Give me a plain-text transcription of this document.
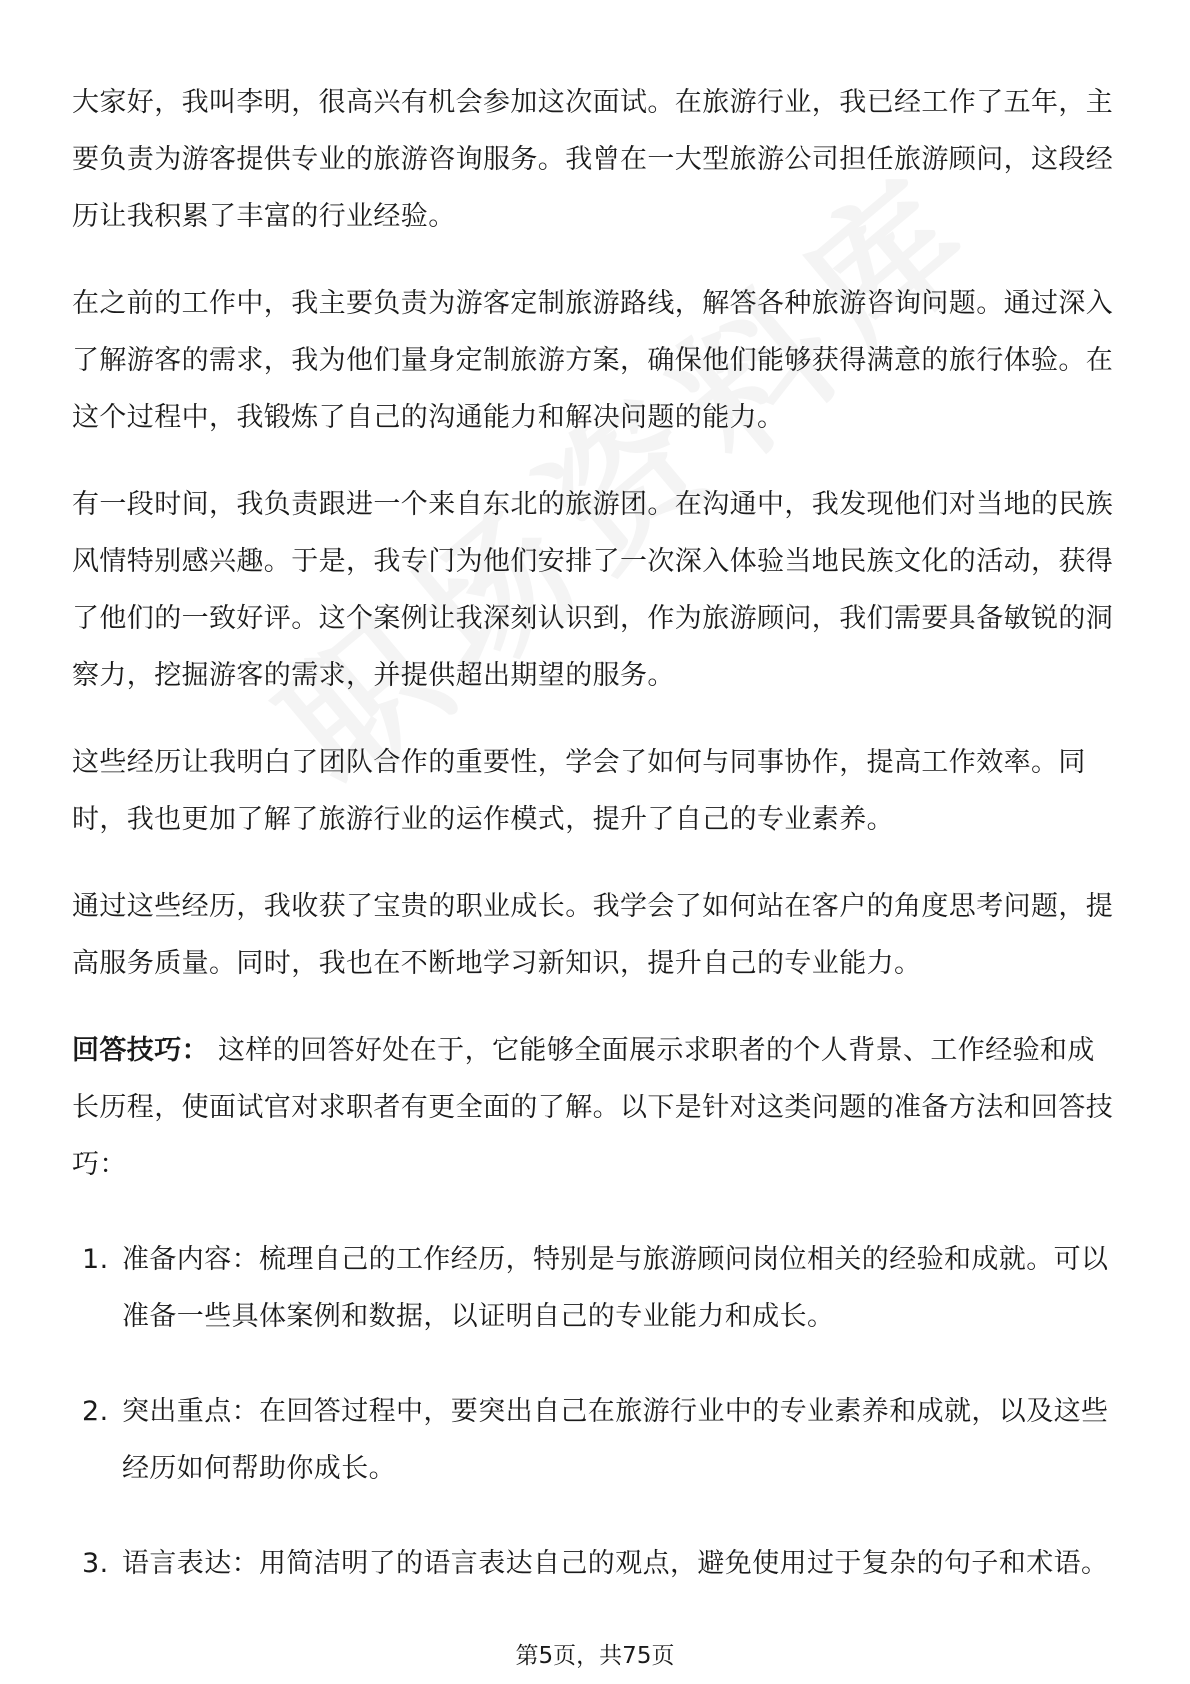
大家好，我叫李明，很高兴有机会参加这次面试。在旅游行业，我已经工作了五年，主要负责为游客提供专业的旅游咨询服务。我曾在一大型旅游公司担任旅游顾问，这段经历让我积累了丰富的行业经验。

在之前的工作中，我主要负责为游客定制旅游路线，解答各种旅游咨询问题。通过深入了解游客的需求，我为他们量身定制旅游方案，确保他们能够获得满意的旅行体验。在这个过程中，我锻炼了自己的沟通能力和解决问题的能力。

有一段时间，我负责跟进一个来自东北的旅游团。在沟通中，我发现他们对当地的民族风情特别感兴趣。于是，我专门为他们安排了一次深入体验当地民族文化的活动，获得了他们的一致好评。这个案例让我深刻认识到，作为旅游顾问，我们需要具备敏锐的洞察力，挖掘游客的需求，并提供超出期望的服务。

这些经历让我明白了团队合作的重要性，学会了如何与同事协作，提高工作效率。同时，我也更加了解了旅游行业的运作模式，提升了自己的专业素养。

通过这些经历，我收获了宝贵的职业成长。我学会了如何站在客户的角度思考问题，提高服务质量。同时，我也在不断地学习新知识，提升自己的专业能力。

回答技巧： 这样的回答好处在于，它能够全面展示求职者的个人背景、工作经验和成长历程，使面试官对求职者有更全面的了解。以下是针对这类问题的准备方法和回答技巧：

1. 准备内容：梳理自己的工作经历，特别是与旅游顾问岗位相关的经验和成就。可以准备一些具体案例和数据，以证明自己的专业能力和成长。
2. 突出重点：在回答过程中，要突出自己在旅游行业中的专业素养和成就，以及这些经历如何帮助你成长。
3. 语言表达：用简洁明了的语言表达自己的观点，避免使用过于复杂的句子和术语。
第5页，共75页
